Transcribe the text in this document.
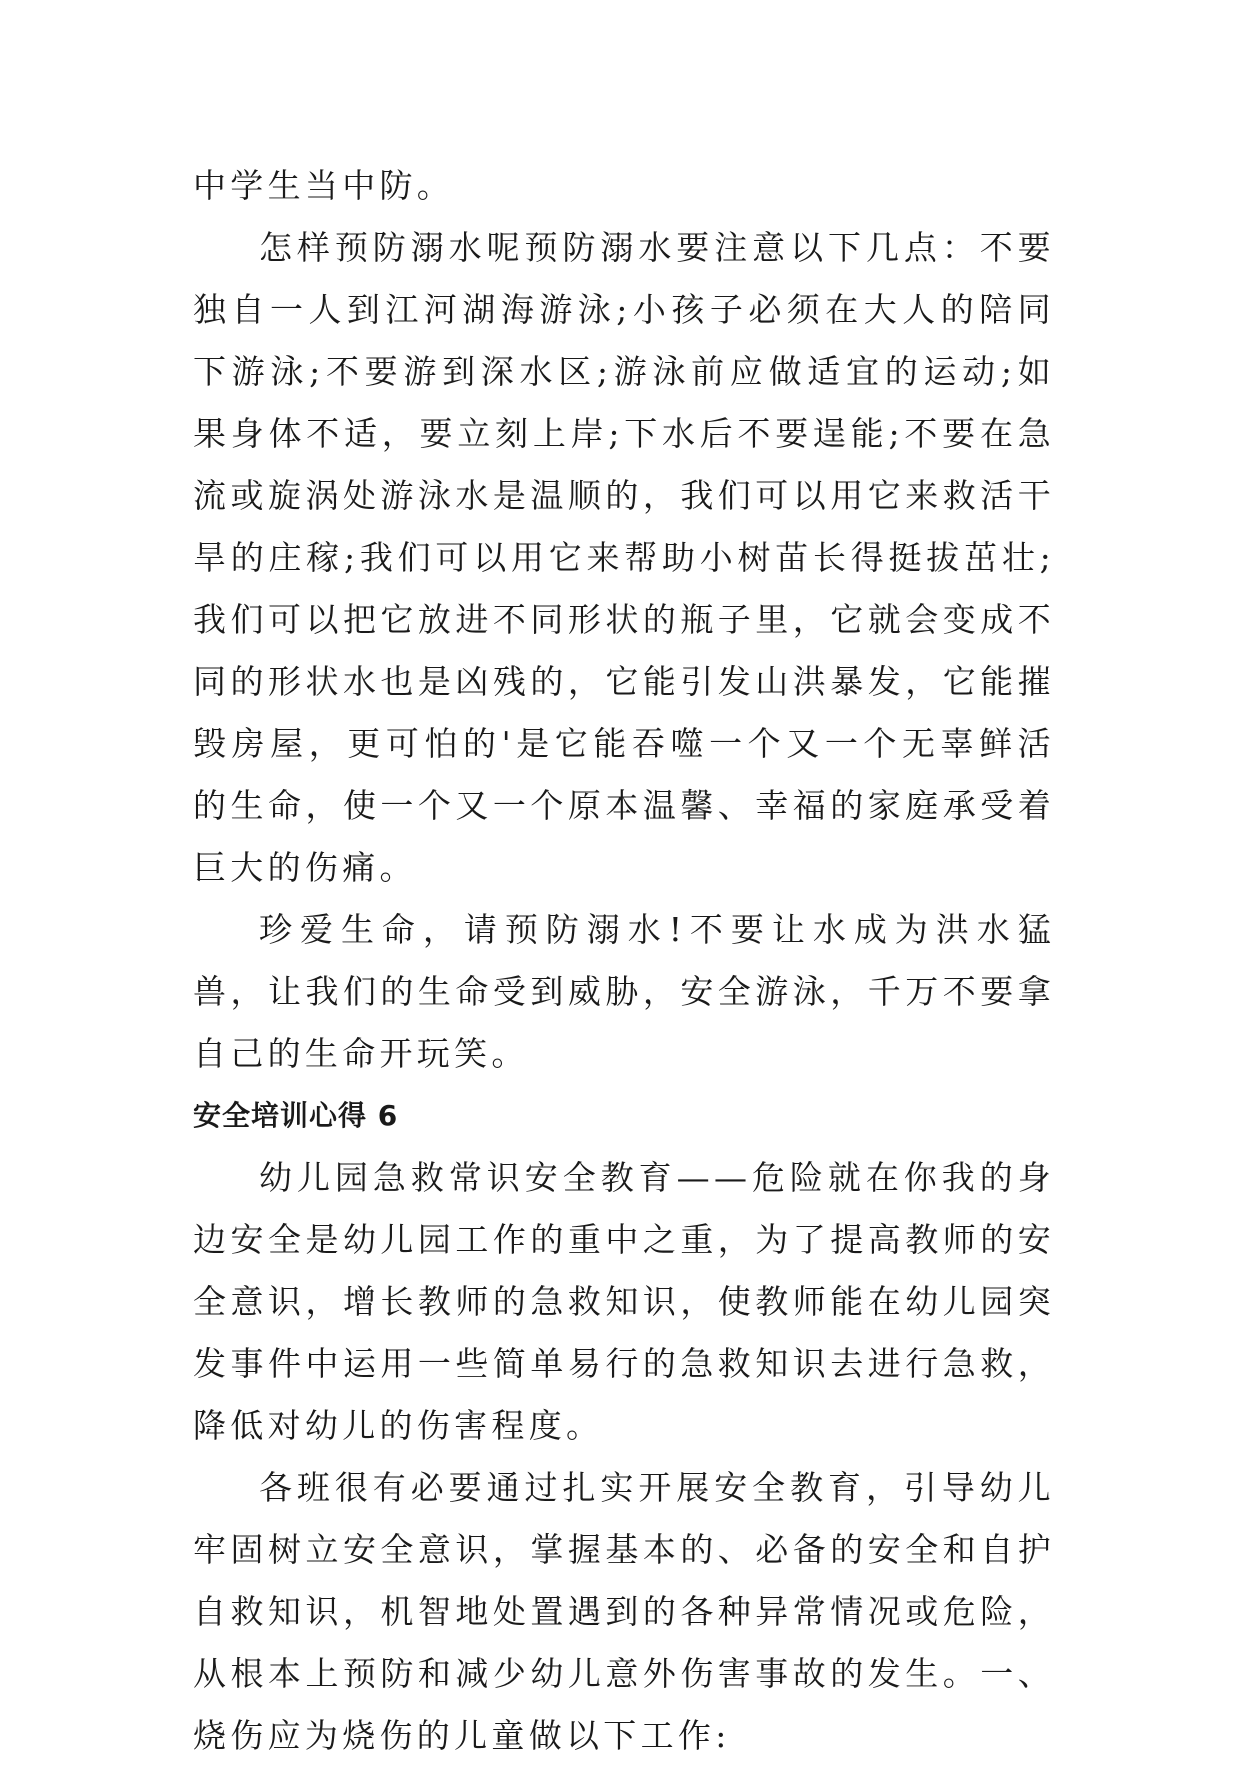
中学生当中防。

怎样预防溺水呢预防溺水要注意以下几点：不要独自一人到江河湖海游泳;小孩子必须在大人的陪同下游泳;不要游到深水区;游泳前应做适宜的运动;如果身体不适，要立刻上岸;下水后不要逞能;不要在急流或旋涡处游泳水是温顺的，我们可以用它来救活干旱的庄稼;我们可以用它来帮助小树苗长得挺拔茁壮;我们可以把它放进不同形状的瓶子里，它就会变成不同的形状水也是凶残的，它能引发山洪暴发，它能摧毁房屋，更可怕的'是它能吞噬一个又一个无辜鲜活的生命，使一个又一个原本温馨、幸福的家庭承受着巨大的伤痛。

珍爱生命，请预防溺水!不要让水成为洪水猛兽，让我们的生命受到威胁，安全游泳，千万不要拿自己的生命开玩笑。

安全培训心得 6

幼儿园急救常识安全教育——危险就在你我的身边安全是幼儿园工作的重中之重，为了提高教师的安全意识，增长教师的急救知识，使教师能在幼儿园突发事件中运用一些简单易行的急救知识去进行急救，降低对幼儿的伤害程度。

各班很有必要通过扎实开展安全教育，引导幼儿牢固树立安全意识，掌握基本的、必备的安全和自护自救知识，机智地处置遇到的各种异常情况或危险，从根本上预防和减少幼儿意外伤害事故的发生。一、烧伤应为烧伤的儿童做以下工作:
